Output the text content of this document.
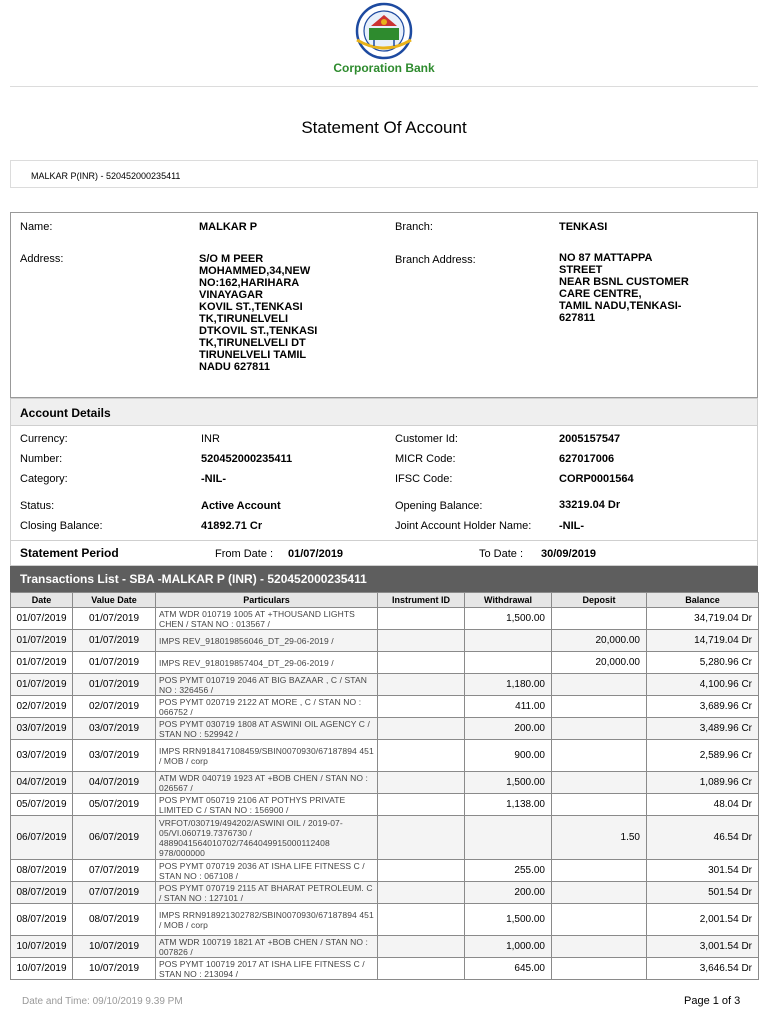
Corporation Bank
Statement Of Account
MALKAR P(INR) - 520452000235411
Name:	MALKAR P	Branch:	TENKASI
Address:	S/O M PEER
MOHAMMED,34,NEW
NO:162,HARIHARA
VINAYAGAR
KOVIL ST.,TENKASI
TK,TIRUNELVELI
DTKOVIL ST.,TENKASI
TK,TIRUNELVELI DT
TIRUNELVELI TAMIL
NADU 627811
Branch Address:	NO 87 MATTAPPA
STREET
NEAR BSNL CUSTOMER
CARE CENTRE,
TAMIL NADU,TENKASI-
627811
Account Details
Currency:	INR	Customer Id:	2005157547
Number:	520452000235411	MICR Code:	627017006
Category:	-NIL-	IFSC Code:	CORP0001564
Status:	Active Account	Opening Balance:	33219.04 Dr
Closing Balance:	41892.71 Cr	Joint Account Holder Name:	-NIL-
Statement Period	From Date : 01/07/2019	To Date : 30/09/2019
Transactions List - SBA -MALKAR P (INR) - 520452000235411
Date	Value Date	Particulars	Instrument ID	Withdrawal	Deposit	Balance
01/07/2019	01/07/2019	ATM WDR 010719 1005 AT +THOUSAND LIGHTS CHEN / STAN NO : 013567 /		1,500.00		34,719.04 Dr
01/07/2019	01/07/2019	IMPS REV_918019856046_DT_29-06-2019 /			20,000.00	14,719.04 Dr
01/07/2019	01/07/2019	IMPS REV_918019857404_DT_29-06-2019 /			20,000.00	5,280.96 Cr
01/07/2019	01/07/2019	POS PYMT 010719 2046 AT BIG BAZAAR , C / STAN NO : 326456 /		1,180.00		4,100.96 Cr
02/07/2019	02/07/2019	POS PYMT 020719 2122 AT MORE , C / STAN NO : 066752 /		411.00		3,689.96 Cr
03/07/2019	03/07/2019	POS PYMT 030719 1808 AT ASWINI OIL AGENCY C / STAN NO : 529942 /		200.00		3,489.96 Cr
03/07/2019	03/07/2019	IMPS RRN918417108459/SBIN0070930/67187894 451 / MOB / corp		900.00		2,589.96 Cr
04/07/2019	04/07/2019	ATM WDR 040719 1923 AT +BOB CHEN / STAN NO : 026567 /		1,500.00		1,089.96 Cr
05/07/2019	05/07/2019	POS PYMT 050719 2106 AT POTHYS PRIVATE LIMITED C / STAN NO : 156900 /		1,138.00		48.04 Dr
06/07/2019	06/07/2019	VRFOT/030719/494202/ASWINI OIL / 2019-07-05/VI.060719.7376730 / 4889041564010702/7464049915000112408 978/000000			1.50	46.54 Dr
08/07/2019	07/07/2019	POS PYMT 070719 2036 AT ISHA LIFE FITNESS C / STAN NO : 067108 /		255.00		301.54 Dr
08/07/2019	07/07/2019	POS PYMT 070719 2115 AT BHARAT PETROLEUM. C / STAN NO : 127101 /		200.00		501.54 Dr
08/07/2019	08/07/2019	IMPS RRN918921302782/SBIN0070930/67187894 451 / MOB / corp		1,500.00		2,001.54 Dr
10/07/2019	10/07/2019	ATM WDR 100719 1821 AT +BOB CHEN / STAN NO : 007826 /		1,000.00		3,001.54 Dr
10/07/2019	10/07/2019	POS PYMT 100719 2017 AT ISHA LIFE FITNESS C / STAN NO : 213094 /		645.00		3,646.54 Dr
Date and Time: 09/10/2019 9.39 PM	Page 1 of 3
